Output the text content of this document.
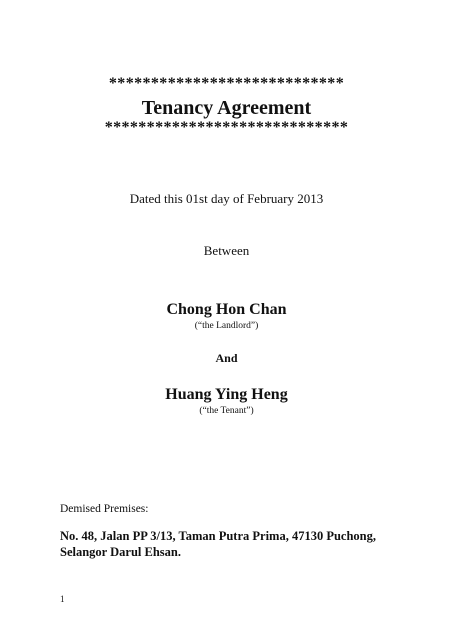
****************************
Tenancy Agreement
*****************************
Dated this 01st day of February 2013
Between
Chong Hon Chan
(“the Landlord”)
And
Huang Ying Heng
(“the Tenant”)
Demised Premises:
No. 48, Jalan PP 3/13, Taman Putra Prima, 47130 Puchong,
Selangor Darul Ehsan.
1
